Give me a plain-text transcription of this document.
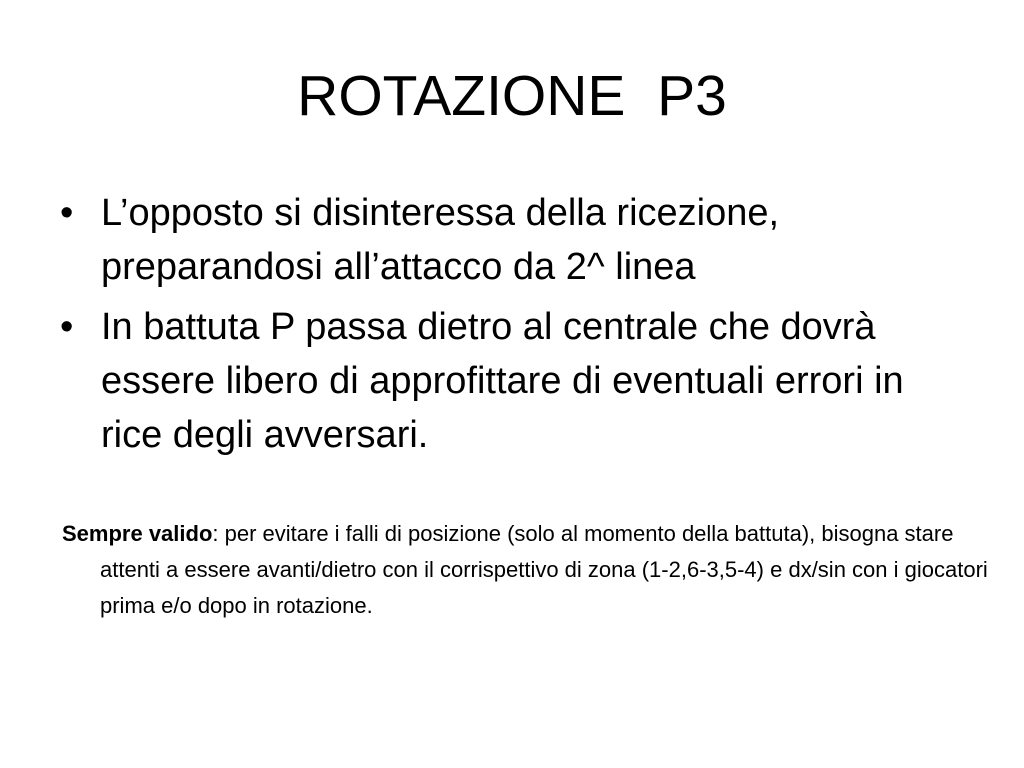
ROTAZIONE  P3
• L’opposto si disinteressa della ricezione, preparandosi all’attacco da 2^ linea
• In battuta P passa dietro al centrale che dovrà essere libero di approfittare di eventuali errori in rice degli avversari.
Sempre valido: per evitare i falli di posizione (solo al momento della battuta), bisogna stare attenti a essere avanti/dietro con il corrispettivo di zona (1-2,6-3,5-4) e dx/sin con i giocatori prima e/o dopo in rotazione.
